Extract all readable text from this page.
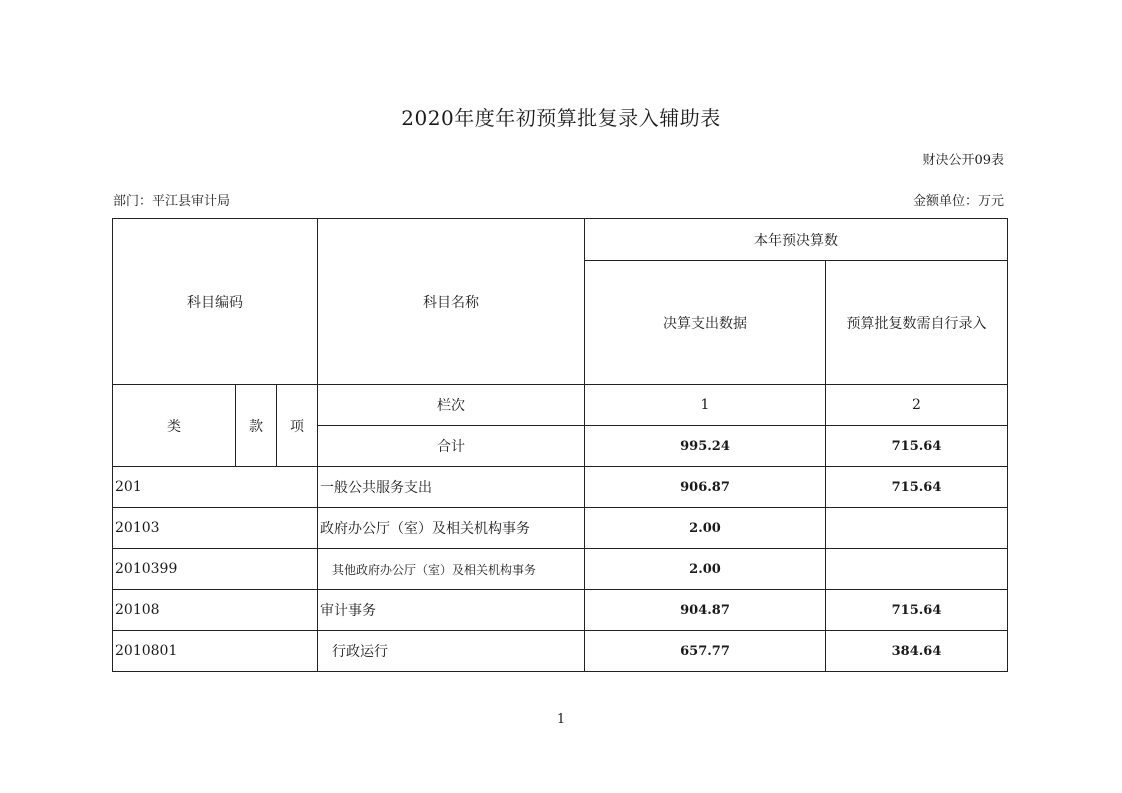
2020年度年初预算批复录入辅助表
财决公开09表
部门：平江县审计局	金额单位：万元
科目编码			科目名称	本年预决算数	
				决算支出数据	预算批复数需自行录入
类	款	项	栏次	1	2
			合计	995.24	715.64
201			一般公共服务支出	906.87	715.64
20103			政府办公厅（室）及相关机构事务	2.00	
2010399			其他政府办公厅（室）及相关机构事务	2.00	
20108			审计事务	904.87	715.64
2010801			行政运行	657.77	384.64
1
